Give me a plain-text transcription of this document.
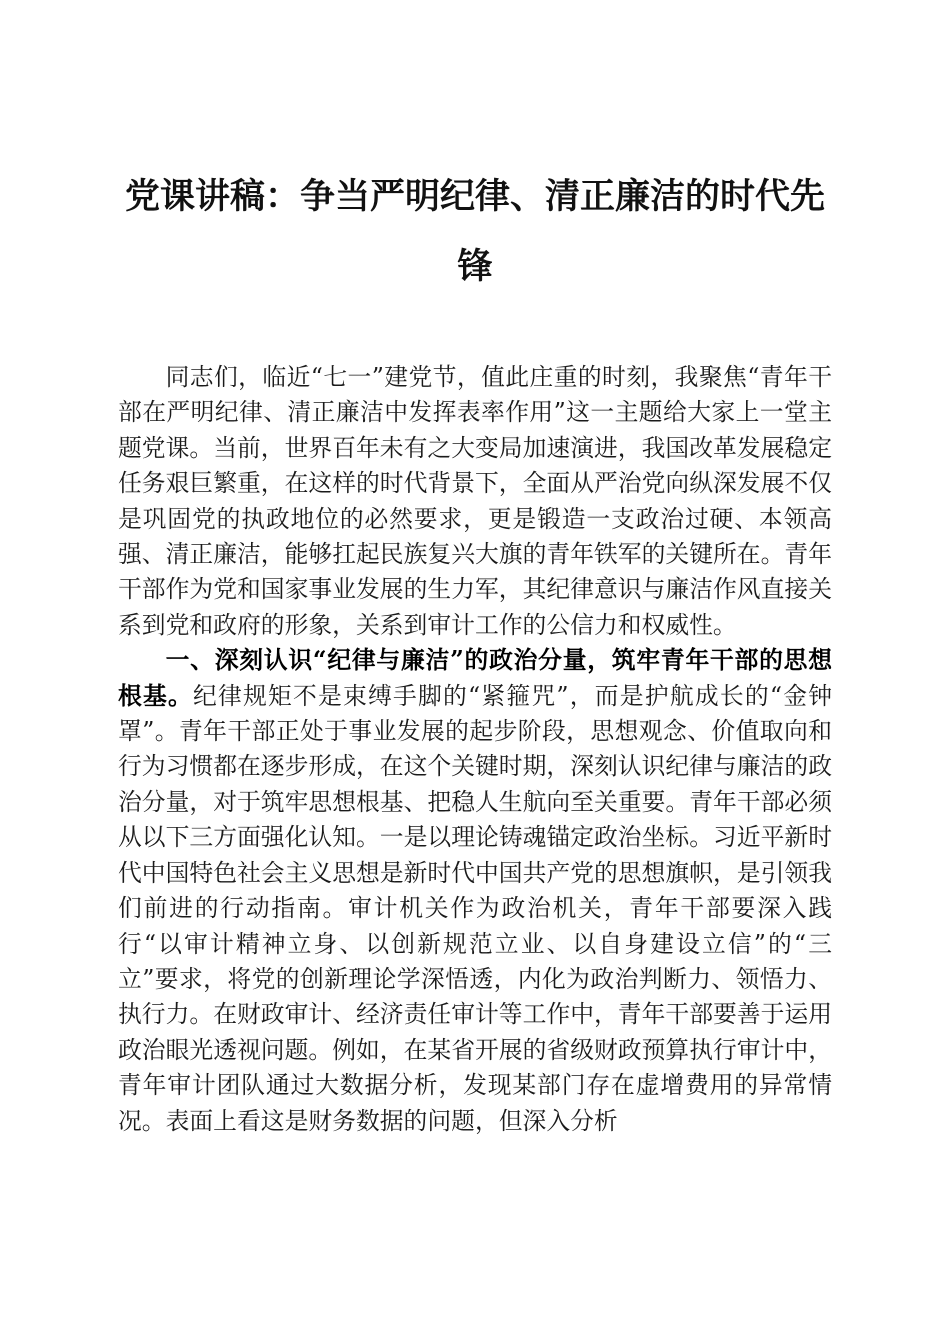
党课讲稿：争当严明纪律、清正廉洁的时代先锋

同志们，临近“七一”建党节，值此庄重的时刻，我聚焦“青年干部在严明纪律、清正廉洁中发挥表率作用”这一主题给大家上一堂主题党课。当前，世界百年未有之大变局加速演进，我国改革发展稳定任务艰巨繁重，在这样的时代背景下，全面从严治党向纵深发展不仅是巩固党的执政地位的必然要求，更是锻造一支政治过硬、本领高强、清正廉洁，能够扛起民族复兴大旗的青年铁军的关键所在。青年干部作为党和国家事业发展的生力军，其纪律意识与廉洁作风直接关系到党和政府的形象，关系到审计工作的公信力和权威性。

一、深刻认识“纪律与廉洁”的政治分量，筑牢青年干部的思想根基。纪律规矩不是束缚手脚的“紧箍咒”，而是护航成长的“金钟罩”。青年干部正处于事业发展的起步阶段，思想观念、价值取向和行为习惯都在逐步形成，在这个关键时期，深刻认识纪律与廉洁的政治分量，对于筑牢思想根基、把稳人生航向至关重要。青年干部必须从以下三方面强化认知。一是以理论铸魂锚定政治坐标。习近平新时代中国特色社会主义思想是新时代中国共产党的思想旗帜，是引领我们前进的行动指南。审计机关作为政治机关，青年干部要深入践行“以审计精神立身、以创新规范立业、以自身建设立信”的“三立”要求，将党的创新理论学深悟透，内化为政治判断力、领悟力、执行力。在财政审计、经济责任审计等工作中，青年干部要善于运用政治眼光透视问题。例如，在某省开展的省级财政预算执行审计中，青年审计团队通过大数据分析，发现某部门存在虚增费用的异常情况。表面上看这是财务数据的问题，但深入分析
